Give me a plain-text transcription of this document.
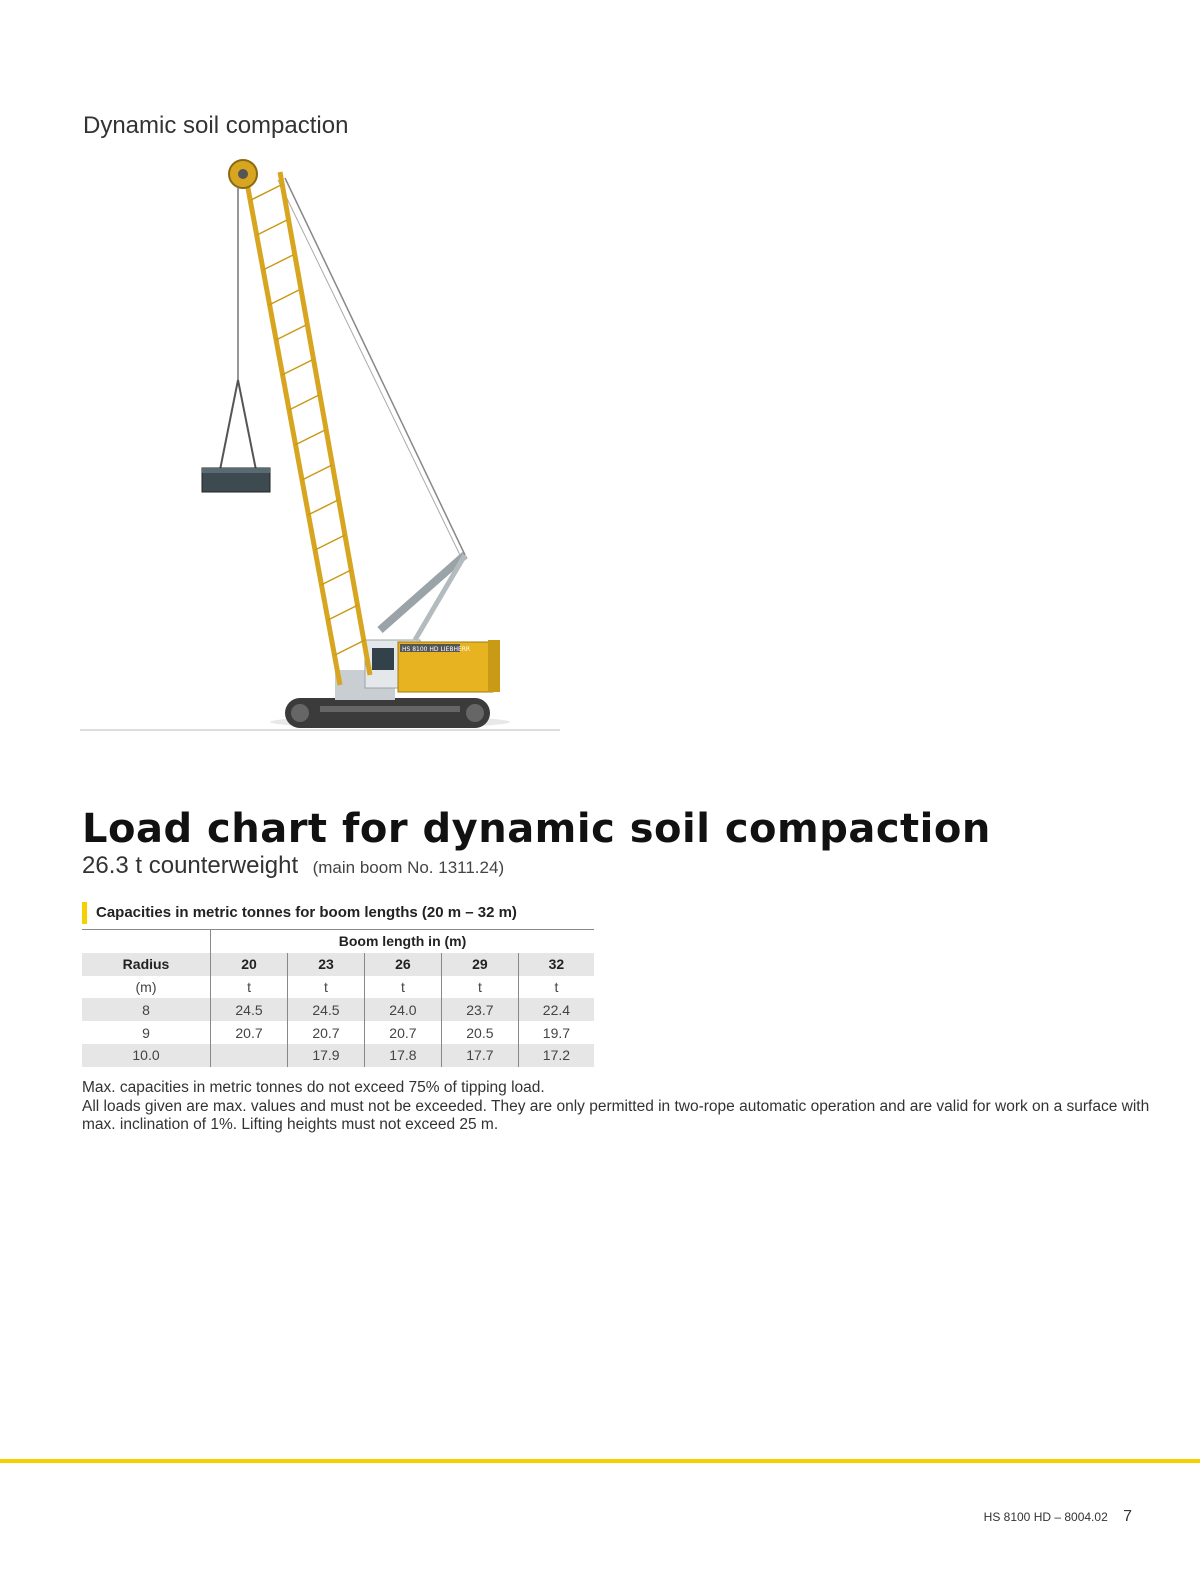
Dynamic soil compaction
HS 8100 HD LIEBHERR
Load chart for dynamic soil compaction
26.3 t counterweight (main boom No. 1311.24)
Capacities in metric tonnes for boom lengths (20 m – 32 m)
	Boom length in (m)				
Radius	20	23	26	29	32
(m)	t	t	t	t	t
8	24.5	24.5	24.0	23.7	22.4
9	20.7	20.7	20.7	20.5	19.7
10.0		17.9	17.8	17.7	17.2

Max. capacities in metric tonnes do not exceed 75% of tipping load.

All loads given are max. values and must not be exceeded. They are only permitted in two-rope automatic operation and are valid for work on a surface with max. inclination of 1%. Lifting heights must not exceed 25 m.

HS 8100 HD – 8004.02 7
